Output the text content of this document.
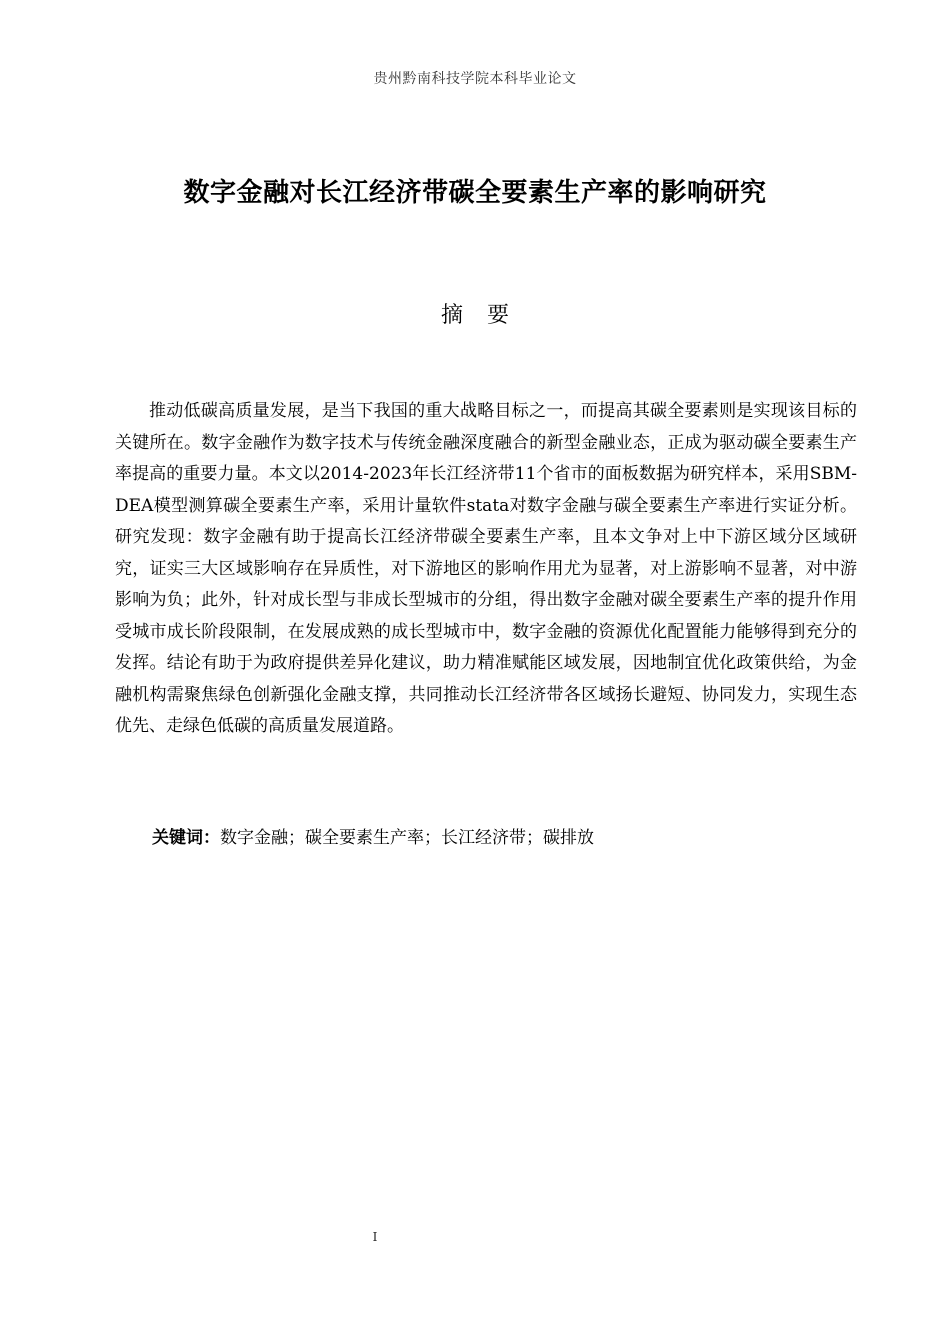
贵州黔南科技学院本科毕业论文
数字金融对长江经济带碳全要素生产率的影响研究
摘要

推动低碳高质量发展，是当下我国的重大战略目标之一，而提高其碳全要素则是实现该目标的关键所在。数字金融作为数字技术与传统金融深度融合的新型金融业态，正成为驱动碳全要素生产率提高的重要力量。本文以2014-2023年长江经济带11个省市的面板数据为研究样本，采用SBM-DEA模型测算碳全要素生产率，采用计量软件stata对数字金融与碳全要素生产率进行实证分析。研究发现：数字金融有助于提高长江经济带碳全要素生产率，且本文争对上中下游区域分区域研究，证实三大区域影响存在异质性，对下游地区的影响作用尤为显著，对上游影响不显著，对中游影响为负；此外，针对成长型与非成长型城市的分组，得出数字金融对碳全要素生产率的提升作用受城市成长阶段限制，在发展成熟的成长型城市中，数字金融的资源优化配置能力能够得到充分的发挥。结论有助于为政府提供差异化建议，助力精准赋能区域发展，因地制宜优化政策供给，为金融机构需聚焦绿色创新强化金融支撑，共同推动长江经济带各区域扬长避短、协同发力，实现生态优先、走绿色低碳的高质量发展道路。

关键词：数字金融；碳全要素生产率；长江经济带；碳排放
I
